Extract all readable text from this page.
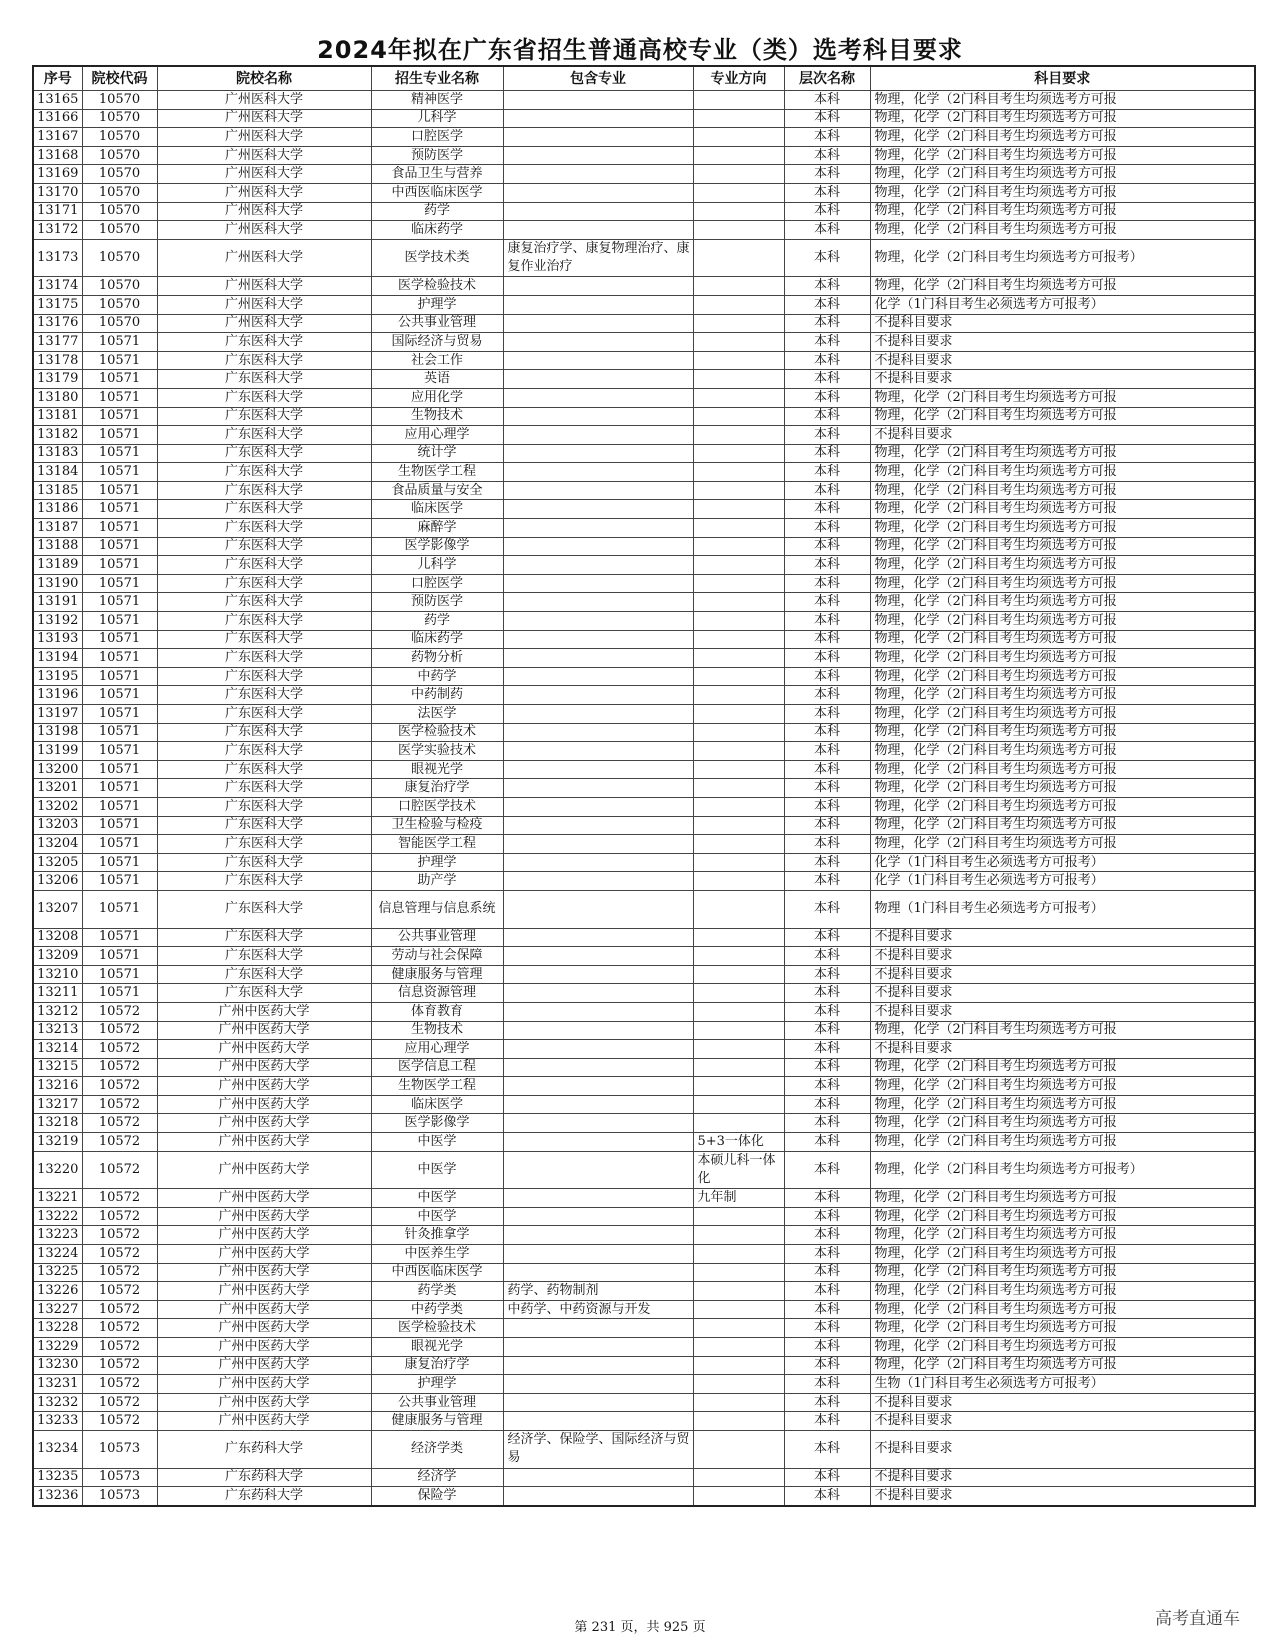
2024年拟在广东省招生普通高校专业（类）选考科目要求
序号	院校代码	院校名称	招生专业名称	包含专业	专业方向	层次名称	科目要求
13165	10570	广州医科大学	精神医学			本科	物理，化学（2门科目考生均须选考方可报
13166	10570	广州医科大学	儿科学			本科	物理，化学（2门科目考生均须选考方可报
13167	10570	广州医科大学	口腔医学			本科	物理，化学（2门科目考生均须选考方可报
13168	10570	广州医科大学	预防医学			本科	物理，化学（2门科目考生均须选考方可报
13169	10570	广州医科大学	食品卫生与营养			本科	物理，化学（2门科目考生均须选考方可报
13170	10570	广州医科大学	中西医临床医学			本科	物理，化学（2门科目考生均须选考方可报
13171	10570	广州医科大学	药学			本科	物理，化学（2门科目考生均须选考方可报
13172	10570	广州医科大学	临床药学			本科	物理，化学（2门科目考生均须选考方可报
13173	10570	广州医科大学	医学技术类	康复治疗学、康复物理治疗、康复作业治疗		本科	物理，化学（2门科目考生均须选考方可报考）
13174	10570	广州医科大学	医学检验技术			本科	物理，化学（2门科目考生均须选考方可报
13175	10570	广州医科大学	护理学			本科	化学（1门科目考生必须选考方可报考）
13176	10570	广州医科大学	公共事业管理			本科	不提科目要求
13177	10571	广东医科大学	国际经济与贸易			本科	不提科目要求
13178	10571	广东医科大学	社会工作			本科	不提科目要求
13179	10571	广东医科大学	英语			本科	不提科目要求
13180	10571	广东医科大学	应用化学			本科	物理，化学（2门科目考生均须选考方可报
13181	10571	广东医科大学	生物技术			本科	物理，化学（2门科目考生均须选考方可报
13182	10571	广东医科大学	应用心理学			本科	不提科目要求
13183	10571	广东医科大学	统计学			本科	物理，化学（2门科目考生均须选考方可报
13184	10571	广东医科大学	生物医学工程			本科	物理，化学（2门科目考生均须选考方可报
13185	10571	广东医科大学	食品质量与安全			本科	物理，化学（2门科目考生均须选考方可报
13186	10571	广东医科大学	临床医学			本科	物理，化学（2门科目考生均须选考方可报
13187	10571	广东医科大学	麻醉学			本科	物理，化学（2门科目考生均须选考方可报
13188	10571	广东医科大学	医学影像学			本科	物理，化学（2门科目考生均须选考方可报
13189	10571	广东医科大学	儿科学			本科	物理，化学（2门科目考生均须选考方可报
13190	10571	广东医科大学	口腔医学			本科	物理，化学（2门科目考生均须选考方可报
13191	10571	广东医科大学	预防医学			本科	物理，化学（2门科目考生均须选考方可报
13192	10571	广东医科大学	药学			本科	物理，化学（2门科目考生均须选考方可报
13193	10571	广东医科大学	临床药学			本科	物理，化学（2门科目考生均须选考方可报
13194	10571	广东医科大学	药物分析			本科	物理，化学（2门科目考生均须选考方可报
13195	10571	广东医科大学	中药学			本科	物理，化学（2门科目考生均须选考方可报
13196	10571	广东医科大学	中药制药			本科	物理，化学（2门科目考生均须选考方可报
13197	10571	广东医科大学	法医学			本科	物理，化学（2门科目考生均须选考方可报
13198	10571	广东医科大学	医学检验技术			本科	物理，化学（2门科目考生均须选考方可报
13199	10571	广东医科大学	医学实验技术			本科	物理，化学（2门科目考生均须选考方可报
13200	10571	广东医科大学	眼视光学			本科	物理，化学（2门科目考生均须选考方可报
13201	10571	广东医科大学	康复治疗学			本科	物理，化学（2门科目考生均须选考方可报
13202	10571	广东医科大学	口腔医学技术			本科	物理，化学（2门科目考生均须选考方可报
13203	10571	广东医科大学	卫生检验与检疫			本科	物理，化学（2门科目考生均须选考方可报
13204	10571	广东医科大学	智能医学工程			本科	物理，化学（2门科目考生均须选考方可报
13205	10571	广东医科大学	护理学			本科	化学（1门科目考生必须选考方可报考）
13206	10571	广东医科大学	助产学			本科	化学（1门科目考生必须选考方可报考）
13207	10571	广东医科大学	信息管理与信息系统			本科	物理（1门科目考生必须选考方可报考）
13208	10571	广东医科大学	公共事业管理			本科	不提科目要求
13209	10571	广东医科大学	劳动与社会保障			本科	不提科目要求
13210	10571	广东医科大学	健康服务与管理			本科	不提科目要求
13211	10571	广东医科大学	信息资源管理			本科	不提科目要求
13212	10572	广州中医药大学	体育教育			本科	不提科目要求
13213	10572	广州中医药大学	生物技术			本科	物理，化学（2门科目考生均须选考方可报
13214	10572	广州中医药大学	应用心理学			本科	不提科目要求
13215	10572	广州中医药大学	医学信息工程			本科	物理，化学（2门科目考生均须选考方可报
13216	10572	广州中医药大学	生物医学工程			本科	物理，化学（2门科目考生均须选考方可报
13217	10572	广州中医药大学	临床医学			本科	物理，化学（2门科目考生均须选考方可报
13218	10572	广州中医药大学	医学影像学			本科	物理，化学（2门科目考生均须选考方可报
13219	10572	广州中医药大学	中医学		5+3一体化	本科	物理，化学（2门科目考生均须选考方可报
13220	10572	广州中医药大学	中医学		本硕儿科一体化	本科	物理，化学（2门科目考生均须选考方可报考）
13221	10572	广州中医药大学	中医学		九年制	本科	物理，化学（2门科目考生均须选考方可报
13222	10572	广州中医药大学	中医学			本科	物理，化学（2门科目考生均须选考方可报
13223	10572	广州中医药大学	针灸推拿学			本科	物理，化学（2门科目考生均须选考方可报
13224	10572	广州中医药大学	中医养生学			本科	物理，化学（2门科目考生均须选考方可报
13225	10572	广州中医药大学	中西医临床医学			本科	物理，化学（2门科目考生均须选考方可报
13226	10572	广州中医药大学	药学类	药学、药物制剂		本科	物理，化学（2门科目考生均须选考方可报
13227	10572	广州中医药大学	中药学类	中药学、中药资源与开发		本科	物理，化学（2门科目考生均须选考方可报
13228	10572	广州中医药大学	医学检验技术			本科	物理，化学（2门科目考生均须选考方可报
13229	10572	广州中医药大学	眼视光学			本科	物理，化学（2门科目考生均须选考方可报
13230	10572	广州中医药大学	康复治疗学			本科	物理，化学（2门科目考生均须选考方可报
13231	10572	广州中医药大学	护理学			本科	生物（1门科目考生必须选考方可报考）
13232	10572	广州中医药大学	公共事业管理			本科	不提科目要求
13233	10572	广州中医药大学	健康服务与管理			本科	不提科目要求
13234	10573	广东药科大学	经济学类	经济学、保险学、国际经济与贸易		本科	不提科目要求
13235	10573	广东药科大学	经济学			本科	不提科目要求
13236	10573	广东药科大学	保险学			本科	不提科目要求
第 231 页，共 925 页	高考直通车
